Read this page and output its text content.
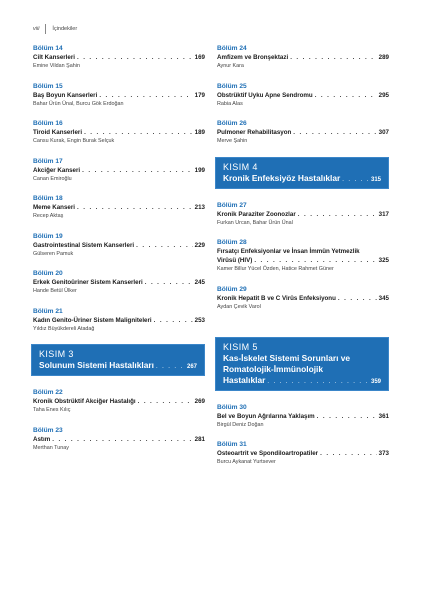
viii İçindekiler
Bölüm 14
Cilt Kanserleri . . .	169
Emine Vildan Şahin
Bölüm 15
Baş Boyun Kanserleri . . .	179
Bahar Ürün Ünal, Burcu Gök Erdoğan
Bölüm 16
Tiroid Kanserleri . . .	189
Cansu Kurak, Engin Burak Selçuk
Bölüm 17
Akciğer Kanseri . . .	199
Canan Emiroğlu
Bölüm 18
Meme Kanseri . . .	213
Recep Aktaş
Bölüm 19
Gastrointestinal Sistem Kanserleri . . .	229
Gülseren Pamuk
Bölüm 20
Erkek Genitoüriner Sistem Kanserleri . . .	245
Hande Betül Ülker
Bölüm 21
Kadın Genito-Üriner Sistem Maligniteleri . . .	253
Yıldız Büyükdereli Atadağ
KISIM 3
Solunum Sistemi Hastalıkları . . .	267
Bölüm 22
Kronik Obstrüktif Akciğer Hastalığı . . .	269
Taha Enes Kılıç
Bölüm 23
Astım . . .	281
Merthan Tunay
Bölüm 24
Amfizem ve Bronşektazi . . .	289
Aynur Kara
Bölüm 25
Obstrüktif Uyku Apne Sendromu . . .	295
Rabia Alas
Bölüm 26
Pulmoner Rehabilitasyon . . .	307
Merve Şahin
KISIM 4
Kronik Enfeksiyöz Hastalıklar . . .	315
Bölüm 27
Kronik Paraziter Zoonozlar . . .	317
Furkan Urcan, Bahar Ürün Ünal
Bölüm 28
Fırsatçı Enfeksiyonlar ve İnsan İmmün Yetmezlik
Virüsü (HIV) . . .	325
Kamer Billur Yücel Özden, Hatice Rahmet Güner
Bölüm 29
Kronik Hepatit B ve C Virüs Enfeksiyonu . . .	345
Aydan Çevik Varol
KISIM 5
Kas-İskelet Sistemi Sorunları ve
Romatolojik-İmmünolojik
Hastalıklar . . .	359
Bölüm 30
Bel ve Boyun Ağrılarına Yaklaşım . . .	361
Birgül Deniz Doğan
Bölüm 31
Osteoartrit ve Spondiloartropatiler . . .	373
Burcu Aykanat Yurtsever
